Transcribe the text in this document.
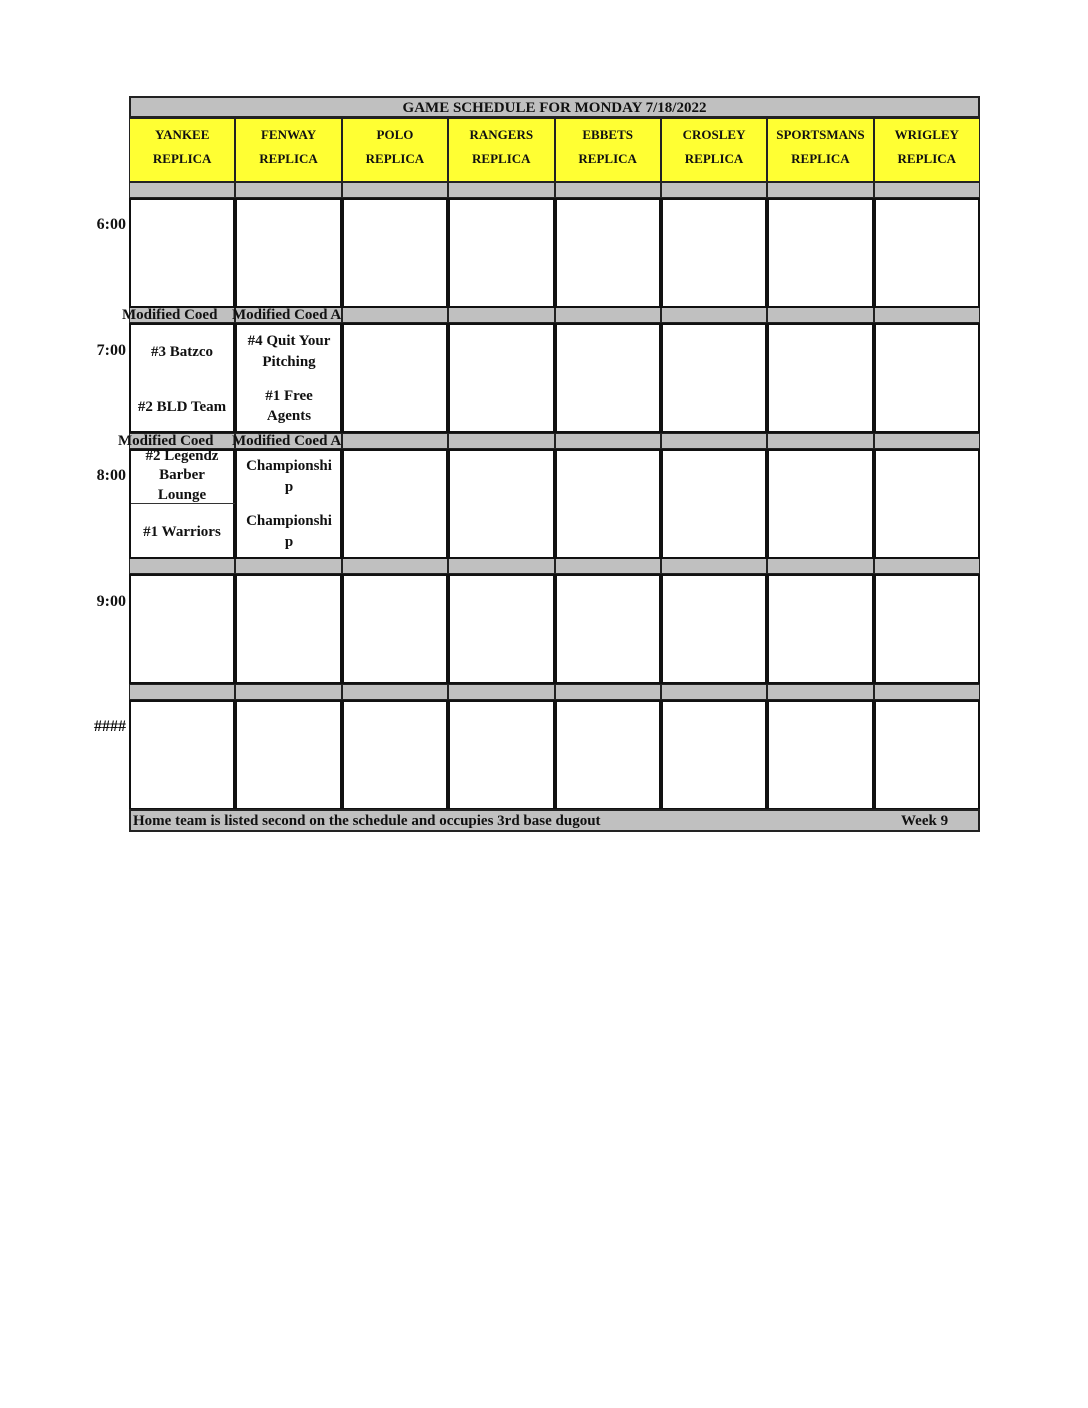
GAME SCHEDULE FOR MONDAY 7/18/2022
YANKEE
REPLICA
FENWAY
REPLICA
POLO
REPLICA
RANGERS
REPLICA
EBBETS
REPLICA
CROSLEY
REPLICA
SPORTSMANS
REPLICA
WRIGLEY
REPLICA
6:00
7:00
8:00
9:00
####
Modified Coed Modified Coed A
Modified Coed Modified Coed A
#3 Batzco
#2 BLD Team
#4 Quit Your
Pitching
#1 Free
Agents
#2 Legendz
Barber
Lounge
#1 Warriors
Championshi
p
Championshi
p
Home team is listed second on the schedule and occupies 3rd base dugout	Week 9
